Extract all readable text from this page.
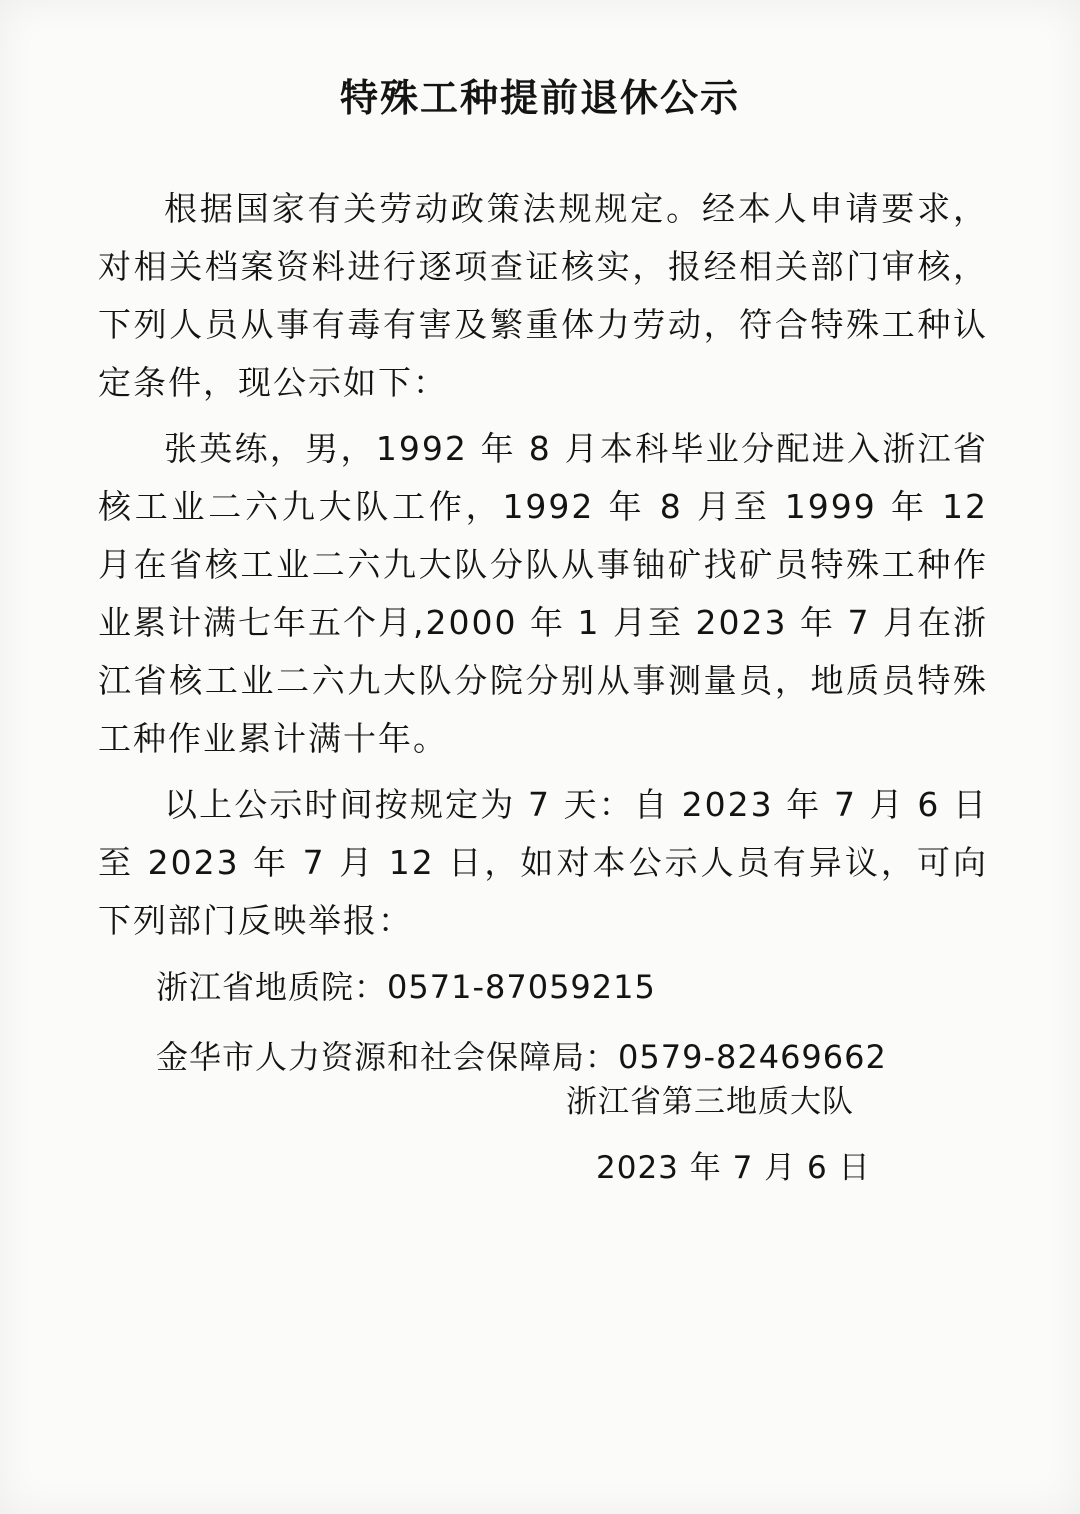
特殊工种提前退休公示

根据国家有关劳动政策法规规定。经本人申请要求，对相关档案资料进行逐项查证核实，报经相关部门审核，下列人员从事有毒有害及繁重体力劳动，符合特殊工种认定条件，现公示如下：

张英练，男，1992 年 8 月本科毕业分配进入浙江省核工业二六九大队工作，1992 年 8 月至 1999 年 12 月在省核工业二六九大队分队从事铀矿找矿员特殊工种作业累计满七年五个月,2000 年 1 月至 2023 年 7 月在浙江省核工业二六九大队分院分别从事测量员，地质员特殊工种作业累计满十年。

以上公示时间按规定为 7 天：自 2023 年 7 月 6 日至 2023 年 7 月 12 日，如对本公示人员有异议，可向下列部门反映举报：

浙江省地质院：0571-87059215

金华市人力资源和社会保障局：0579-82469662

浙江省第三地质大队
2023 年 7 月 6 日
